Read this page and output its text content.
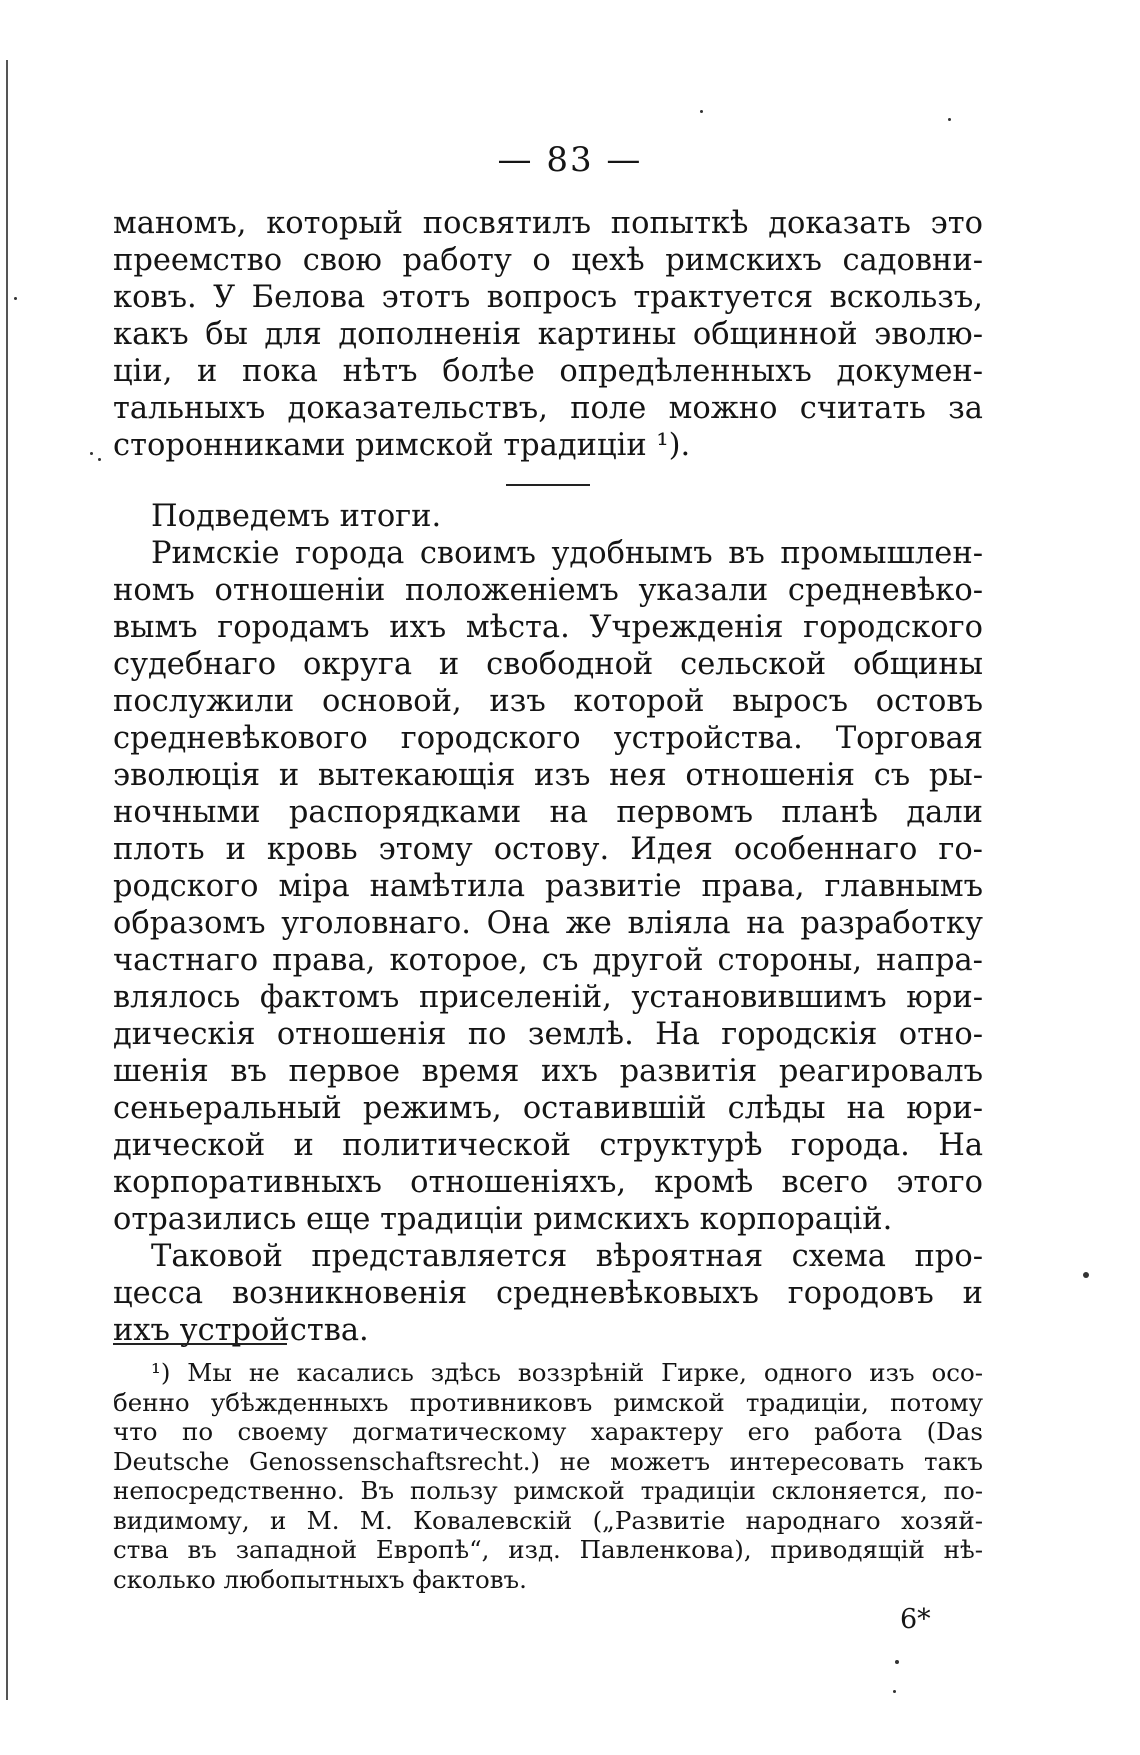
— 83 —
маномъ, который посвятилъ попыткѣ доказать это
преемство свою работу о цехѣ римскихъ садовни-
ковъ. У Белова этотъ вопросъ трактуется вскользъ,
какъ бы для дополненія картины общинной эволю-
ціи, и пока нѣтъ болѣе опредѣленныхъ докумен-
тальныхъ доказательствъ, поле можно считать за
сторонниками римской традиціи ¹).
Подведемъ итоги.
Римскіе города своимъ удобнымъ въ промышлен-
номъ отношеніи положеніемъ указали средневѣко-
вымъ городамъ ихъ мѣста. Учрежденія городского
судебнаго округа и свободной сельской общины
послужили основой, изъ которой выросъ остовъ
средневѣкового городского устройства. Торговая
эволюція и вытекающія изъ нея отношенія съ ры-
ночными распорядками на первомъ планѣ дали
плоть и кровь этому остову. Идея особеннаго го-
родского міра намѣтила развитіе права, главнымъ
образомъ уголовнаго. Она же вліяла на разработку
частнаго права, которое, съ другой стороны, напра-
влялось фактомъ приселеній, установившимъ юри-
дическія отношенія по землѣ. На городскія отно-
шенія въ первое время ихъ развитія реагировалъ
сеньеральный режимъ, оставившій слѣды на юри-
дической и политической структурѣ города. На
корпоративныхъ отношеніяхъ, кромѣ всего этого
отразились еще традиціи римскихъ корпорацій.
Таковой представляется вѣроятная схема про-
цесса возникновенія средневѣковыхъ городовъ и
ихъ устройства.
¹) Мы не касались здѣсь воззрѣній Гирке, одного изъ осо-
бенно убѣжденныхъ противниковъ римской традиціи, потому
что по своему догматическому характеру его работа (Das
Deutsche Genossenschaftsrecht.) не можетъ интересовать такъ
непосредственно. Въ пользу римской традиціи склоняется, по-
видимому, и М. М. Ковалевскій („Развитіе народнаго хозяй-
ства въ западной Европѣ“, изд. Павленкова), приводящій нѣ-
сколько любопытныхъ фактовъ.
6*
